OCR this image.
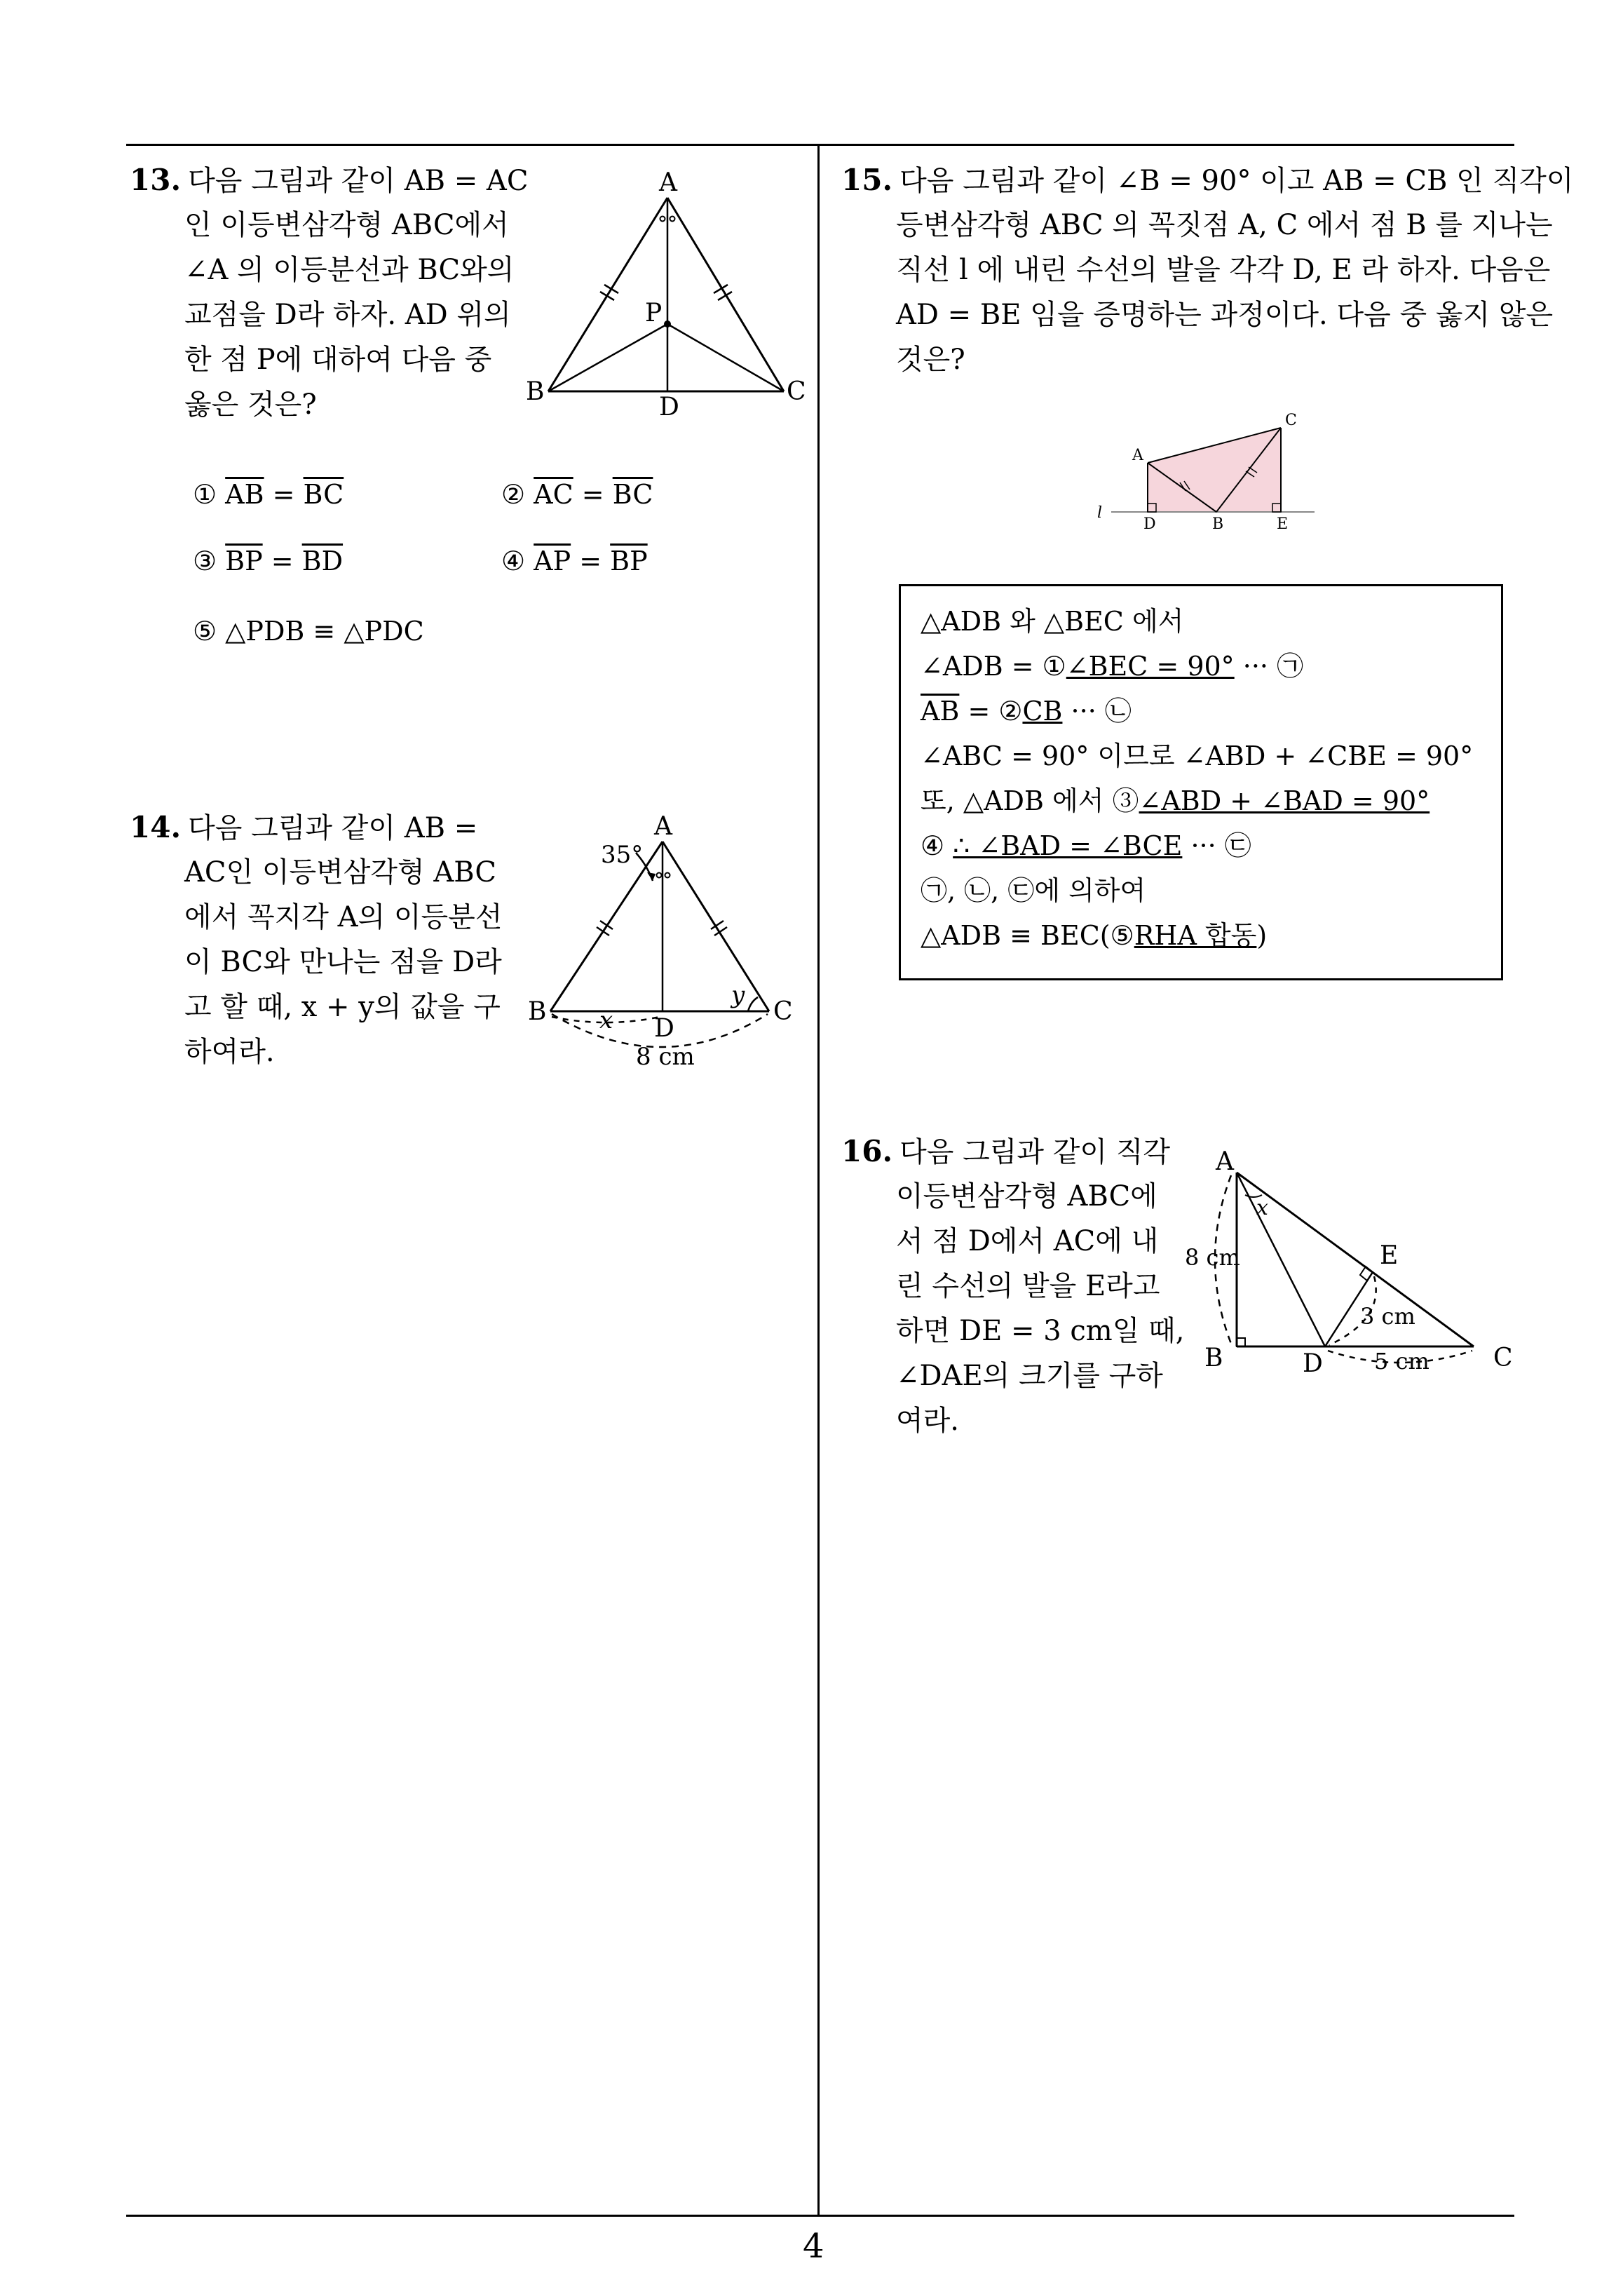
4
13. 다음 그림과 같이 AB = AC
인 이등변삼각형 ABC에서
∠A 의 이등분선과 BC와의
교점을 D라 하자. AD 위의
한 점 P에 대하여 다음 중
옳은 것은?
A
B	C
D
P
① $\overline{AB} = \overline{BC}$	② $\overline{AC} = \overline{BC}$
③ $\overline{BP} = \overline{BD}$	④ $\overline{AP} = \overline{BP}$
⑤ △PDB ≡ △PDC
14. 다음 그림과 같이 AB =
AC인 이등변삼각형 ABC
에서 꼭지각 A의 이등분선
이 BC와 만나는 점을 D라
고 할 때, x + y의 값을 구
하여라.
A
B	C
D
35°
x
y
8 cm
15. 다음 그림과 같이 ∠B = 90° 이고 AB = CB 인 직각이
등변삼각형 ABC 의 꼭짓점 A, C 에서 점 B 를 지나는
직선 l 에 내린 수선의 발을 각각 D, E 라 하자. 다음은
AD = BE 임을 증명하는 과정이다. 다음 중 옳지 않은
것은?
A
C
D	B	E
l
△ADB 와 △BEC 에서
∠ADB = ①∠BEC = 90° ··· ㉠
$\overline{AB}$ = ②CB ··· ㉡
∠ABC = 90° 이므로 ∠ABD + ∠CBE = 90°
또, △ADB 에서 ③∠ABD + ∠BAD = 90°
④ ∴ ∠BAD = ∠BCE ··· ㉢
㉠, ㉡, ㉢에 의하여
△ADB ≡ BEC(⑤RHA 합동)
16. 다음 그림과 같이 직각
이등변삼각형 ABC에
서 점 D에서 AC에 내
린 수선의 발을 E라고
하면 DE = 3 cm일 때,
∠DAE의 크기를 구하
여라.
A
B	C
D
E
x
8 cm
3 cm
5 cm
